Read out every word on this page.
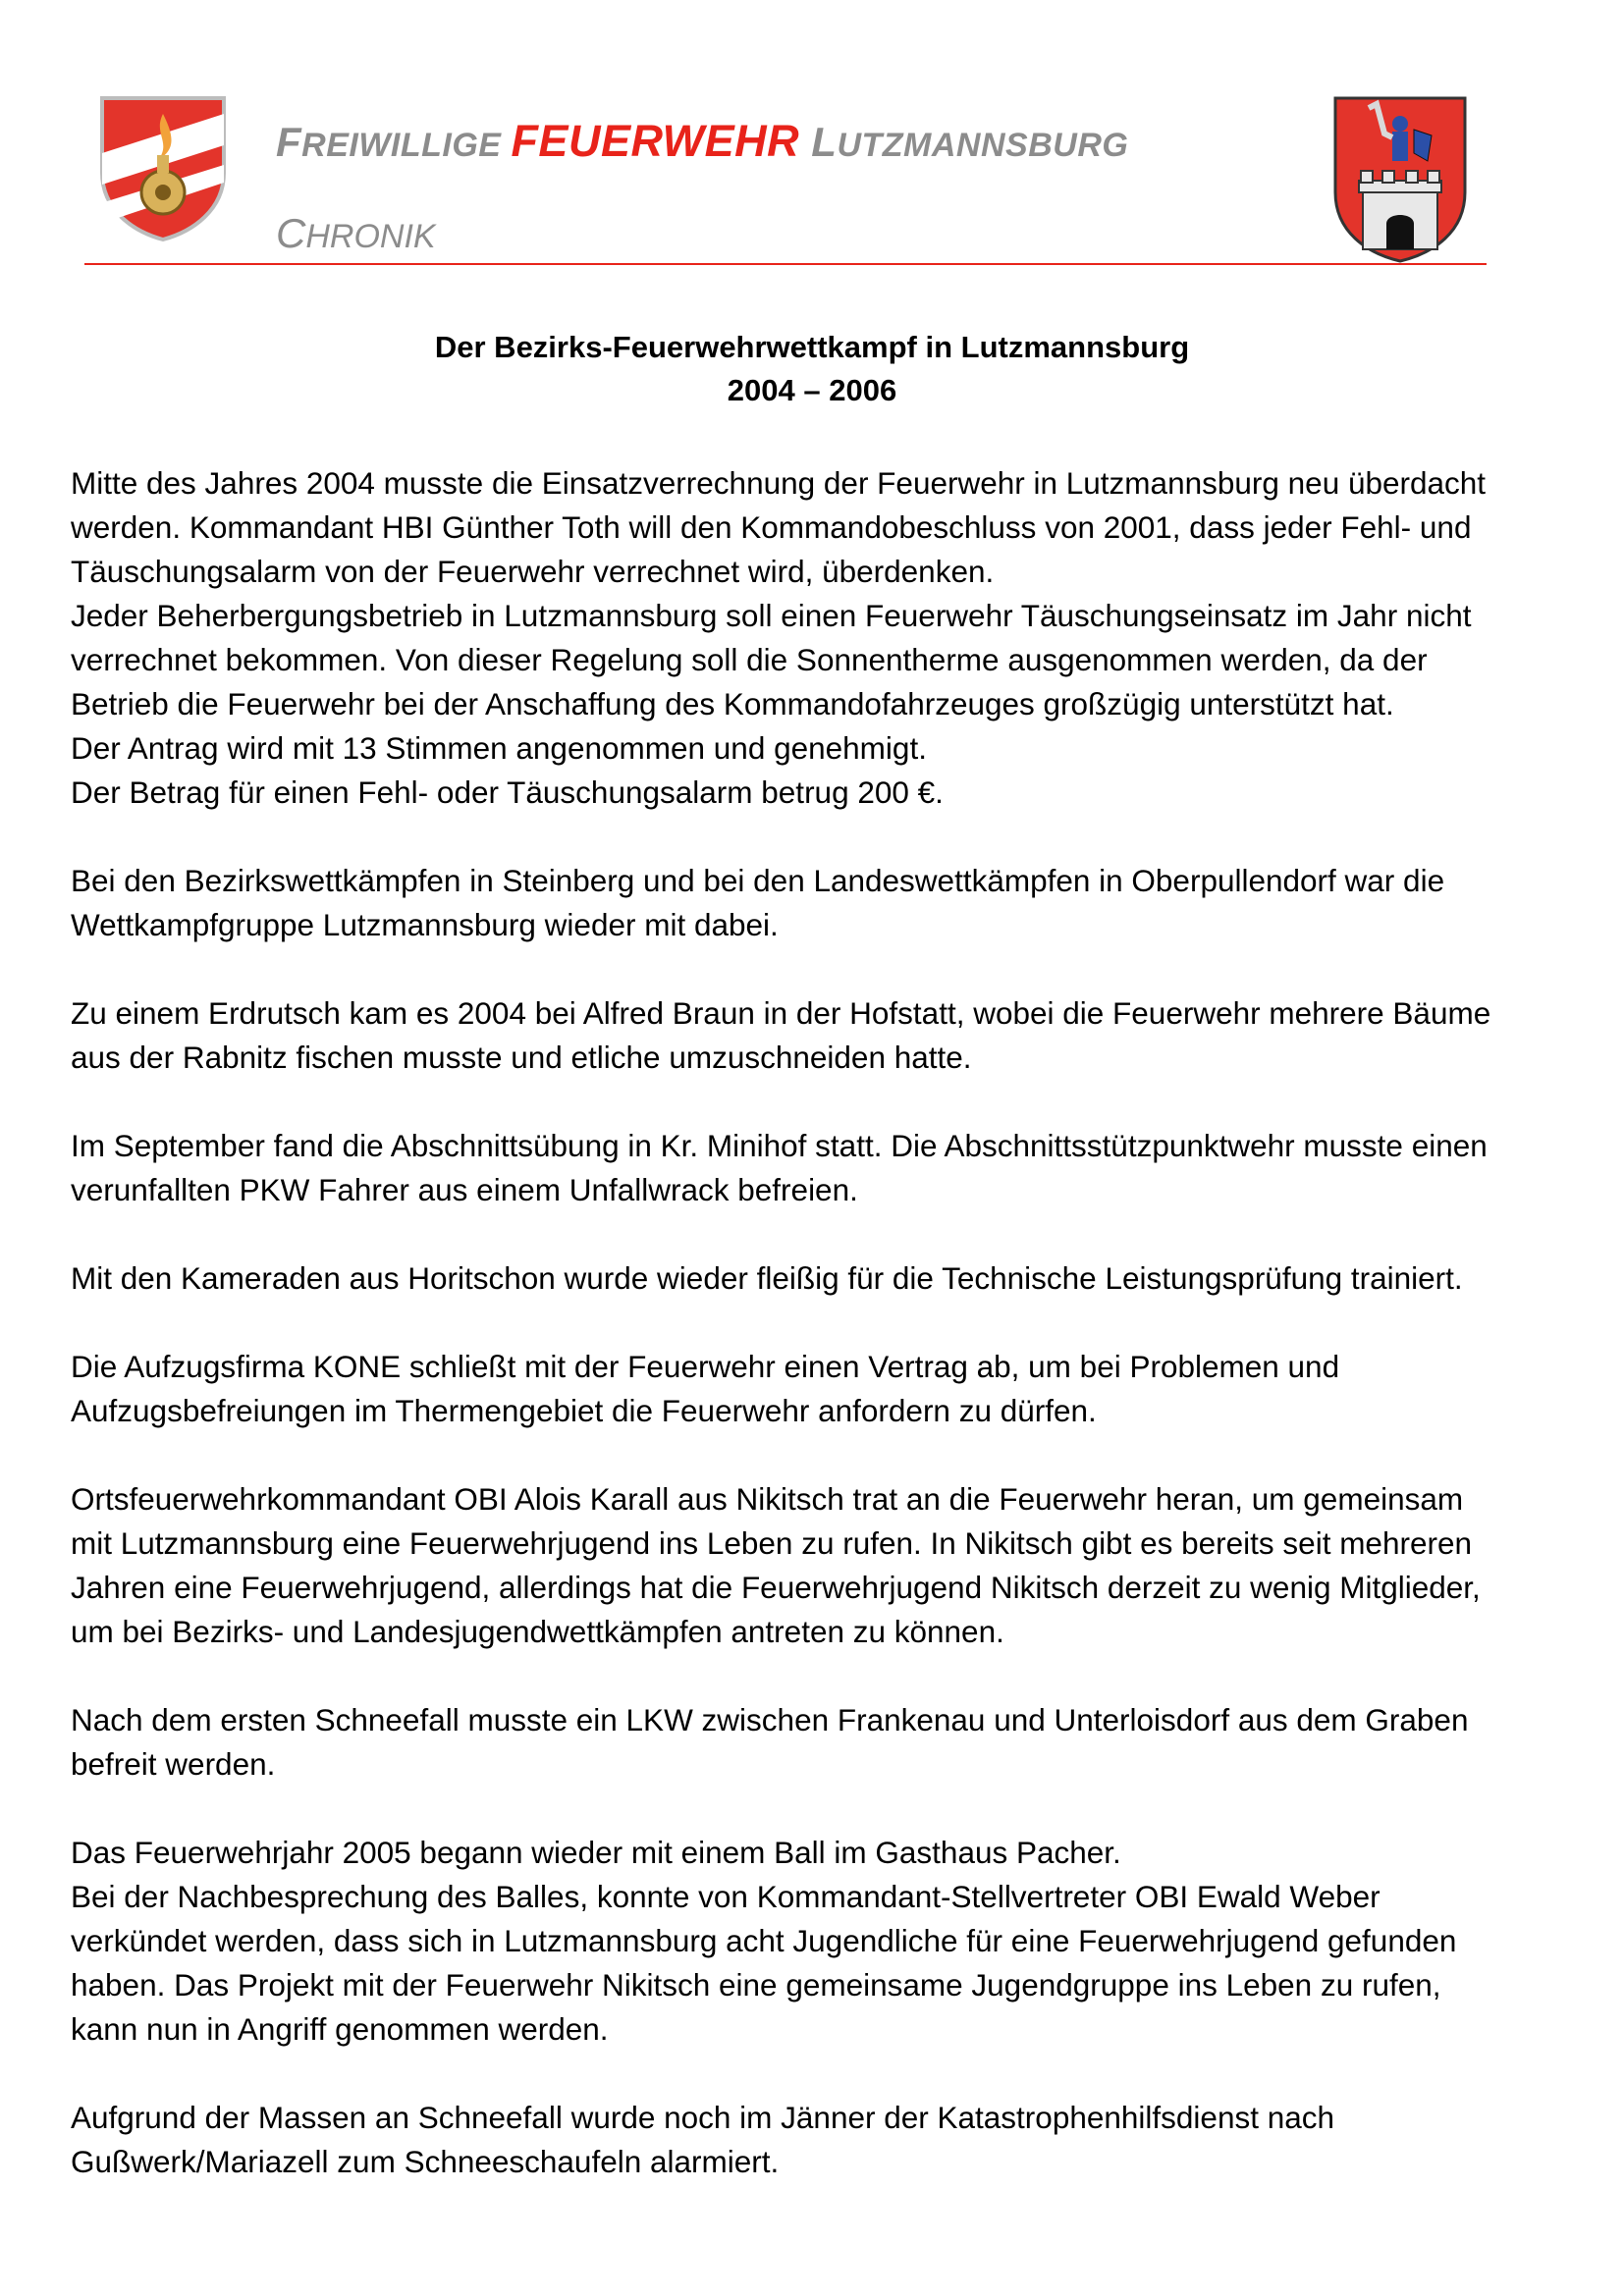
FREIWILLIGE FEUERWEHR LUTZMANNSBURG
CHRONIK
Der Bezirks-Feuerwehrwettkampf in Lutzmannsburg
2004 – 2006

Mitte des Jahres 2004 musste die Einsatzverrechnung der Feuerwehr in Lutzmannsburg neu überdacht
werden. Kommandant HBI Günther Toth will den Kommandobeschluss von 2001, dass jeder Fehl- und
Täuschungsalarm von der Feuerwehr verrechnet wird, überdenken.
Jeder Beherbergungsbetrieb in Lutzmannsburg soll einen Feuerwehr Täuschungseinsatz im Jahr nicht
verrechnet bekommen. Von dieser Regelung soll die Sonnentherme ausgenommen werden, da der
Betrieb die Feuerwehr bei der Anschaffung des Kommandofahrzeuges großzügig unterstützt hat.
Der Antrag wird mit 13 Stimmen angenommen und genehmigt.
Der Betrag für einen Fehl- oder Täuschungsalarm betrug 200 €.

Bei den Bezirkswettkämpfen in Steinberg und bei den Landeswettkämpfen in Oberpullendorf war die
Wettkampfgruppe Lutzmannsburg wieder mit dabei.

Zu einem Erdrutsch kam es 2004 bei Alfred Braun in der Hofstatt, wobei die Feuerwehr mehrere Bäume
aus der Rabnitz fischen musste und etliche umzuschneiden hatte.

Im September fand die Abschnittsübung in Kr. Minihof statt. Die Abschnittsstützpunktwehr musste einen
verunfallten PKW Fahrer aus einem Unfallwrack befreien.

Mit den Kameraden aus Horitschon wurde wieder fleißig für die Technische Leistungsprüfung trainiert.

Die Aufzugsfirma KONE schließt mit der Feuerwehr einen Vertrag ab, um bei Problemen und
Aufzugsbefreiungen im Thermengebiet die Feuerwehr anfordern zu dürfen.

Ortsfeuerwehrkommandant OBI Alois Karall aus Nikitsch trat an die Feuerwehr heran, um gemeinsam
mit Lutzmannsburg eine Feuerwehrjugend ins Leben zu rufen. In Nikitsch gibt es bereits seit mehreren
Jahren eine Feuerwehrjugend, allerdings hat die Feuerwehrjugend Nikitsch derzeit zu wenig Mitglieder,
um bei Bezirks- und Landesjugendwettkämpfen antreten zu können.

Nach dem ersten Schneefall musste ein LKW zwischen Frankenau und Unterloisdorf aus dem Graben
befreit werden.

Das Feuerwehrjahr 2005 begann wieder mit einem Ball im Gasthaus Pacher.
Bei der Nachbesprechung des Balles, konnte von Kommandant-Stellvertreter OBI Ewald Weber
verkündet werden, dass sich in Lutzmannsburg acht Jugendliche für eine Feuerwehrjugend gefunden
haben. Das Projekt mit der Feuerwehr Nikitsch eine gemeinsame Jugendgruppe ins Leben zu rufen,
kann nun in Angriff genommen werden.

Aufgrund der Massen an Schneefall wurde noch im Jänner der Katastrophenhilfsdienst nach
Gußwerk/Mariazell zum Schneeschaufeln alarmiert.
